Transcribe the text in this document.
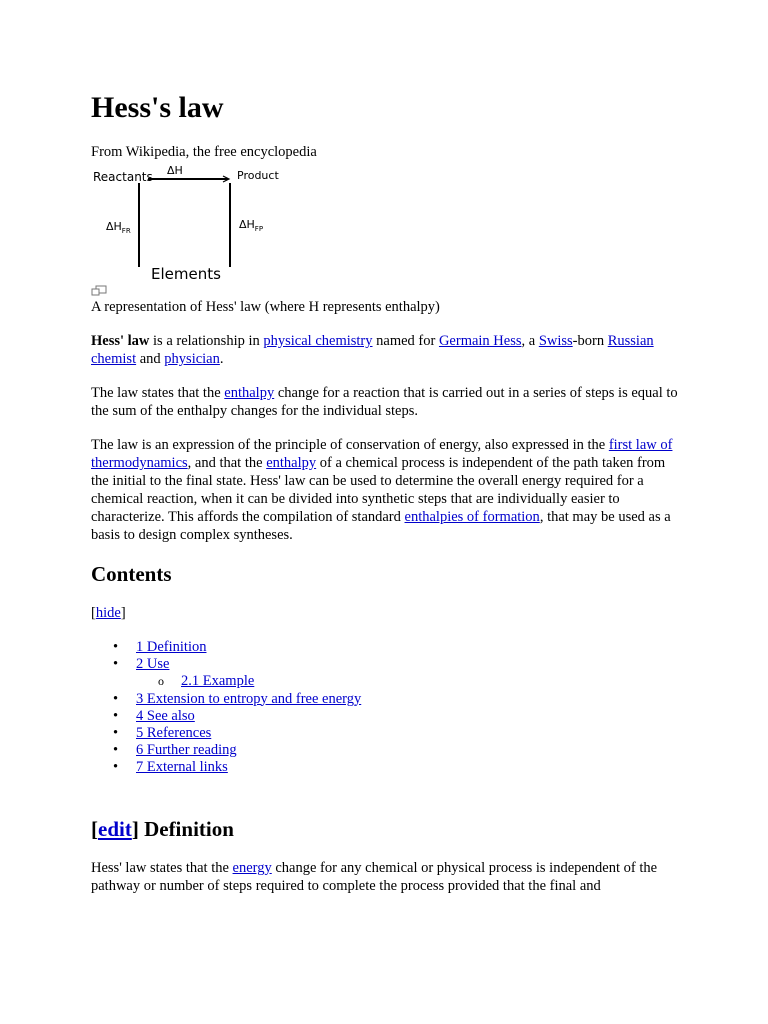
Hess's law
From Wikipedia, the free encyclopedia
Reactants ΔH	Product
$\Delta H_{FR}$	$\Delta H_{FP}$
Elements
A representation of Hess' law (where H represents enthalpy)

Hess' law is a relationship in physical chemistry named for Germain Hess, a Swiss-born Russian chemist and physician.

The law states that the enthalpy change for a reaction that is carried out in a series of steps is equal to the sum of the enthalpy changes for the individual steps.

The law is an expression of the principle of conservation of energy, also expressed in the first law of thermodynamics, and that the enthalpy of a chemical process is independent of the path taken from the initial to the final state. Hess' law can be used to determine the overall energy required for a chemical reaction, when it can be divided into synthetic steps that are individually easier to characterize. This affords the compilation of standard enthalpies of formation, that may be used as a basis to design complex syntheses.

Contents
[hide]
• 1 Definition
• 2 Use
o 2.1 Example
• 3 Extension to entropy and free energy
• 4 See also
• 5 References
• 6 Further reading
• 7 External links
[edit] Definition

Hess' law states that the energy change for any chemical or physical process is independent of the pathway or number of steps required to complete the process provided that the final and
